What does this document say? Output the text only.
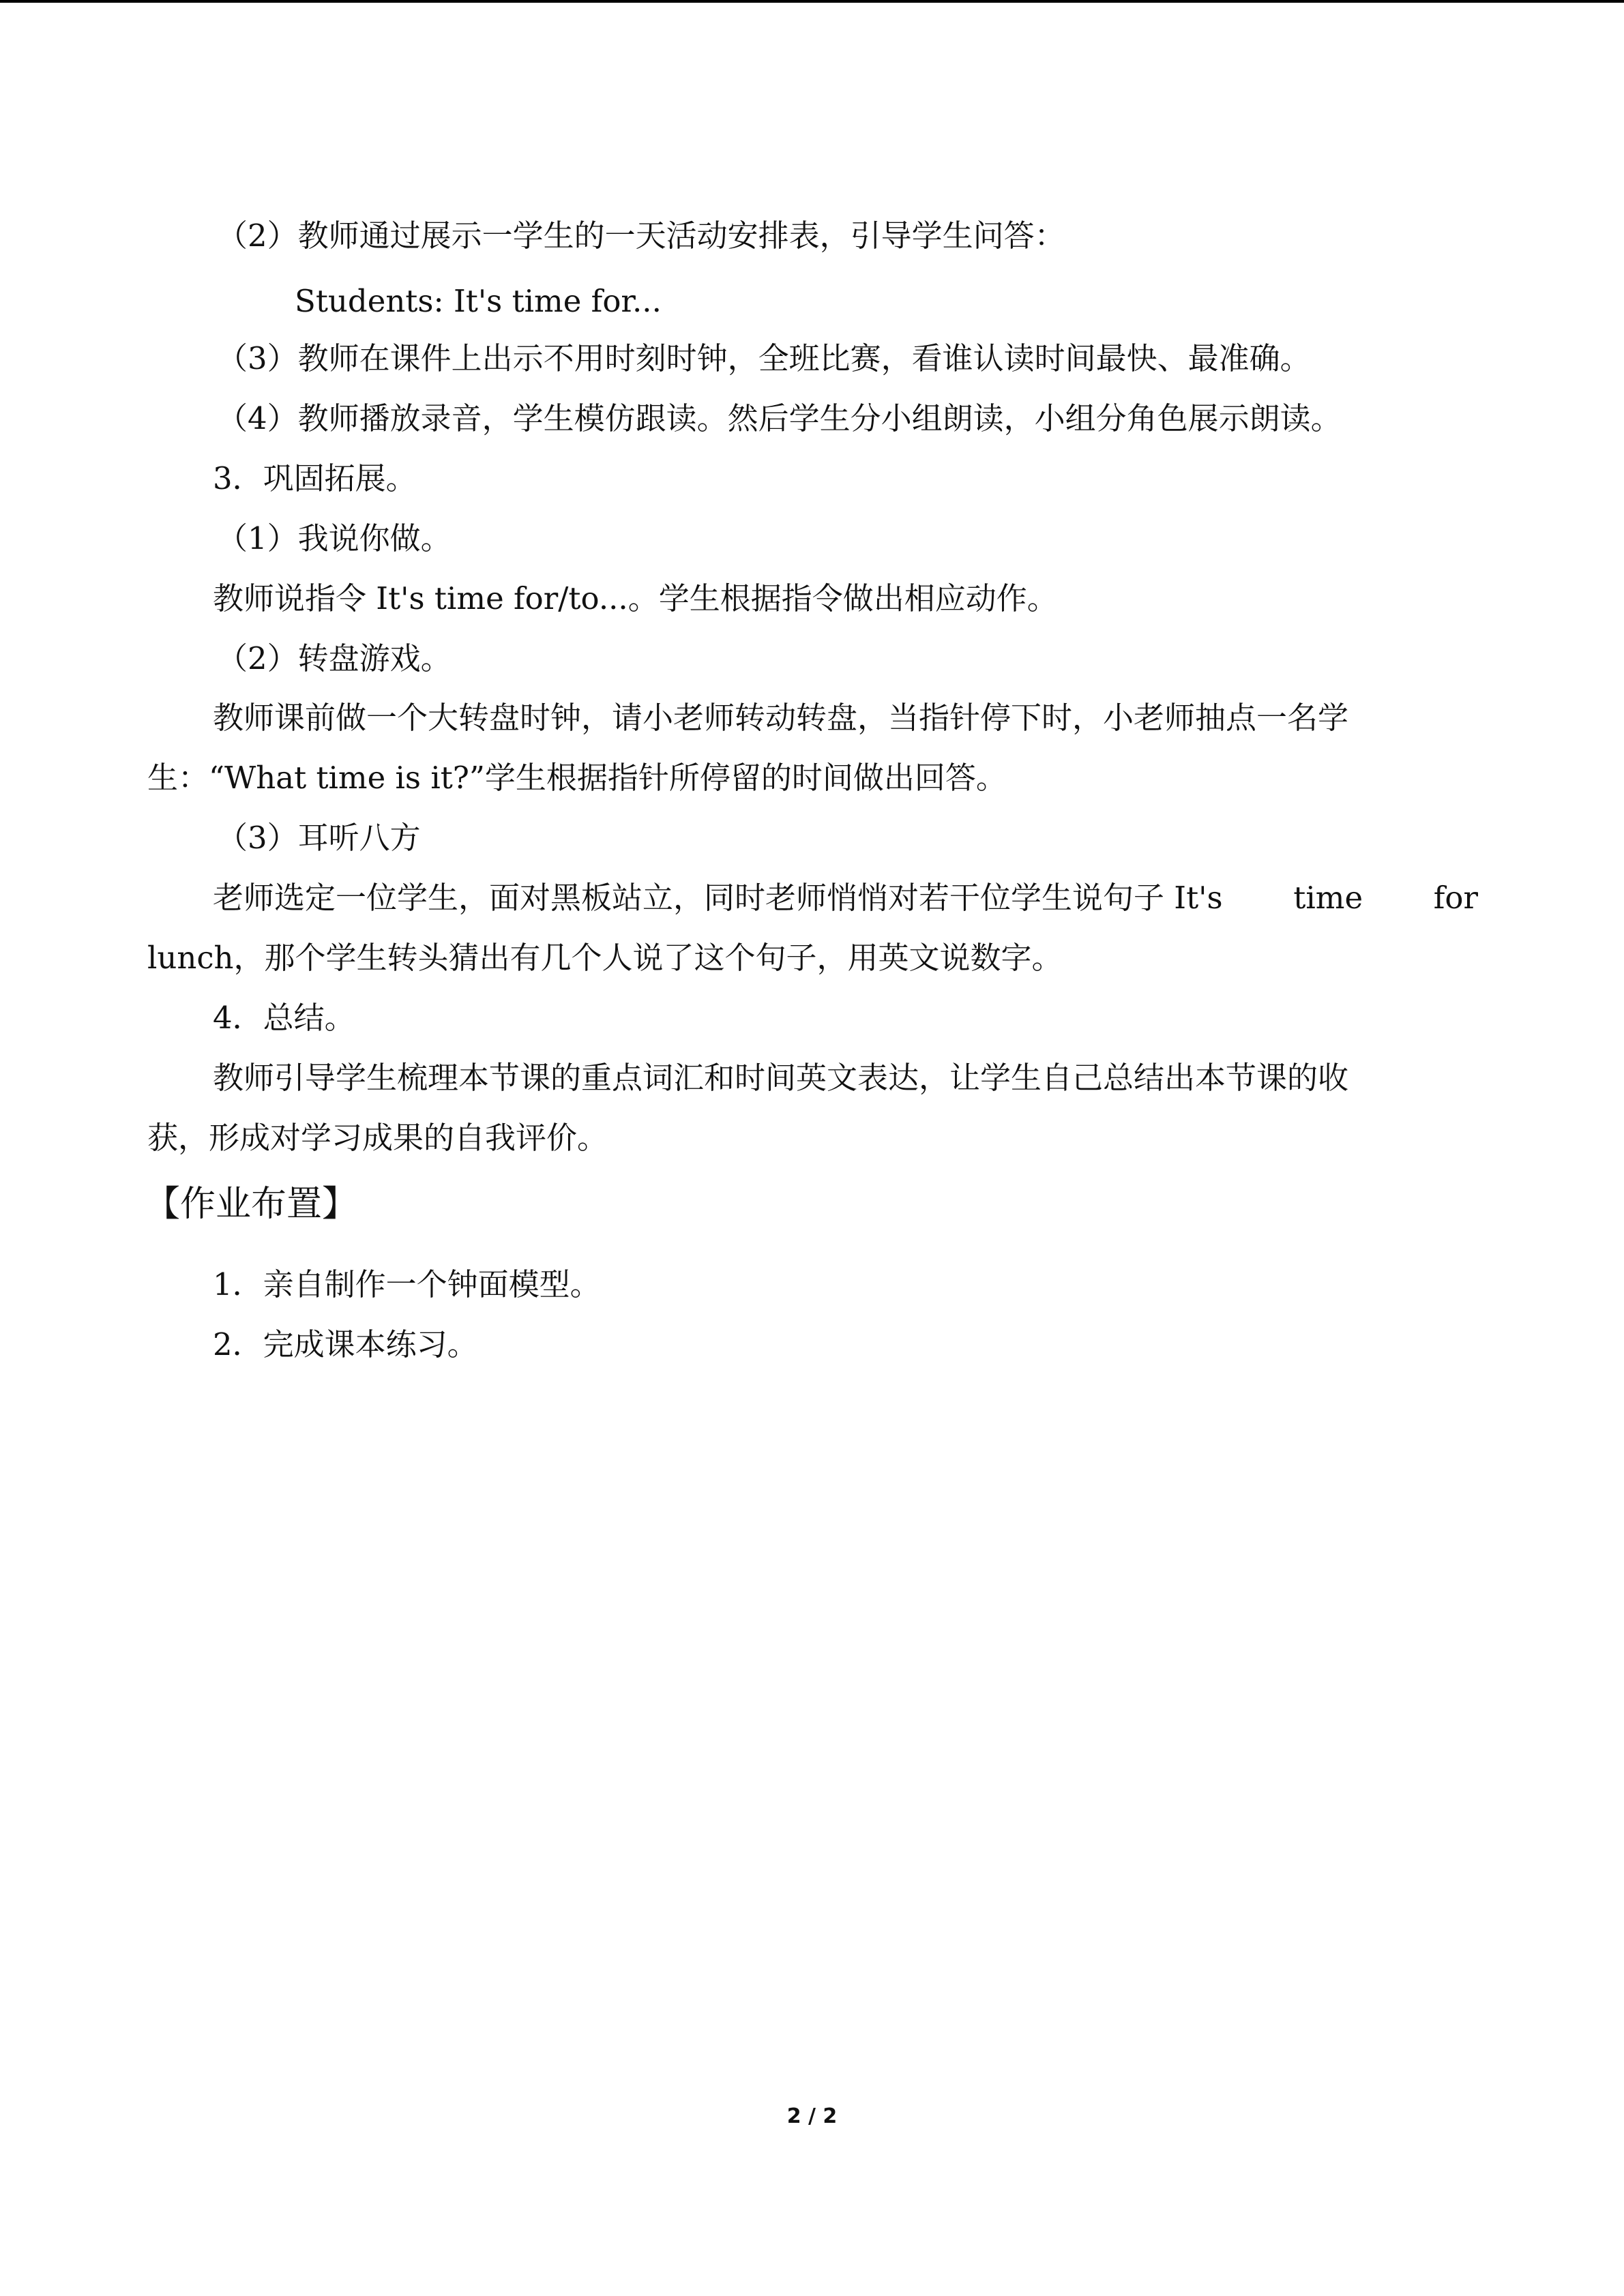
（2）教师通过展示一学生的一天活动安排表，引导学生问答：

Students: It's time for...

（3）教师在课件上出示不用时刻时钟，全班比赛，看谁认读时间最快、最准确。

（4）教师播放录音，学生模仿跟读。然后学生分小组朗读，小组分角色展示朗读。

3．巩固拓展。

（1）我说你做。

教师说指令 It's time for/to...。学生根据指令做出相应动作。

（2）转盘游戏。

教师课前做一个大转盘时钟，请小老师转动转盘，当指针停下时，小老师抽点一名学

生：“What time is it?”学生根据指针所停留的时间做出回答。

（3）耳听八方

老师选定一位学生，面对黑板站立，同时老师悄悄对若干位学生说句子 It's time for

lunch，那个学生转头猜出有几个人说了这个句子，用英文说数字。

4．总结。

教师引导学生梳理本节课的重点词汇和时间英文表达，让学生自己总结出本节课的收

获，形成对学习成果的自我评价。

【作业布置】

1．亲自制作一个钟面模型。

2．完成课本练习。

2 / 2
